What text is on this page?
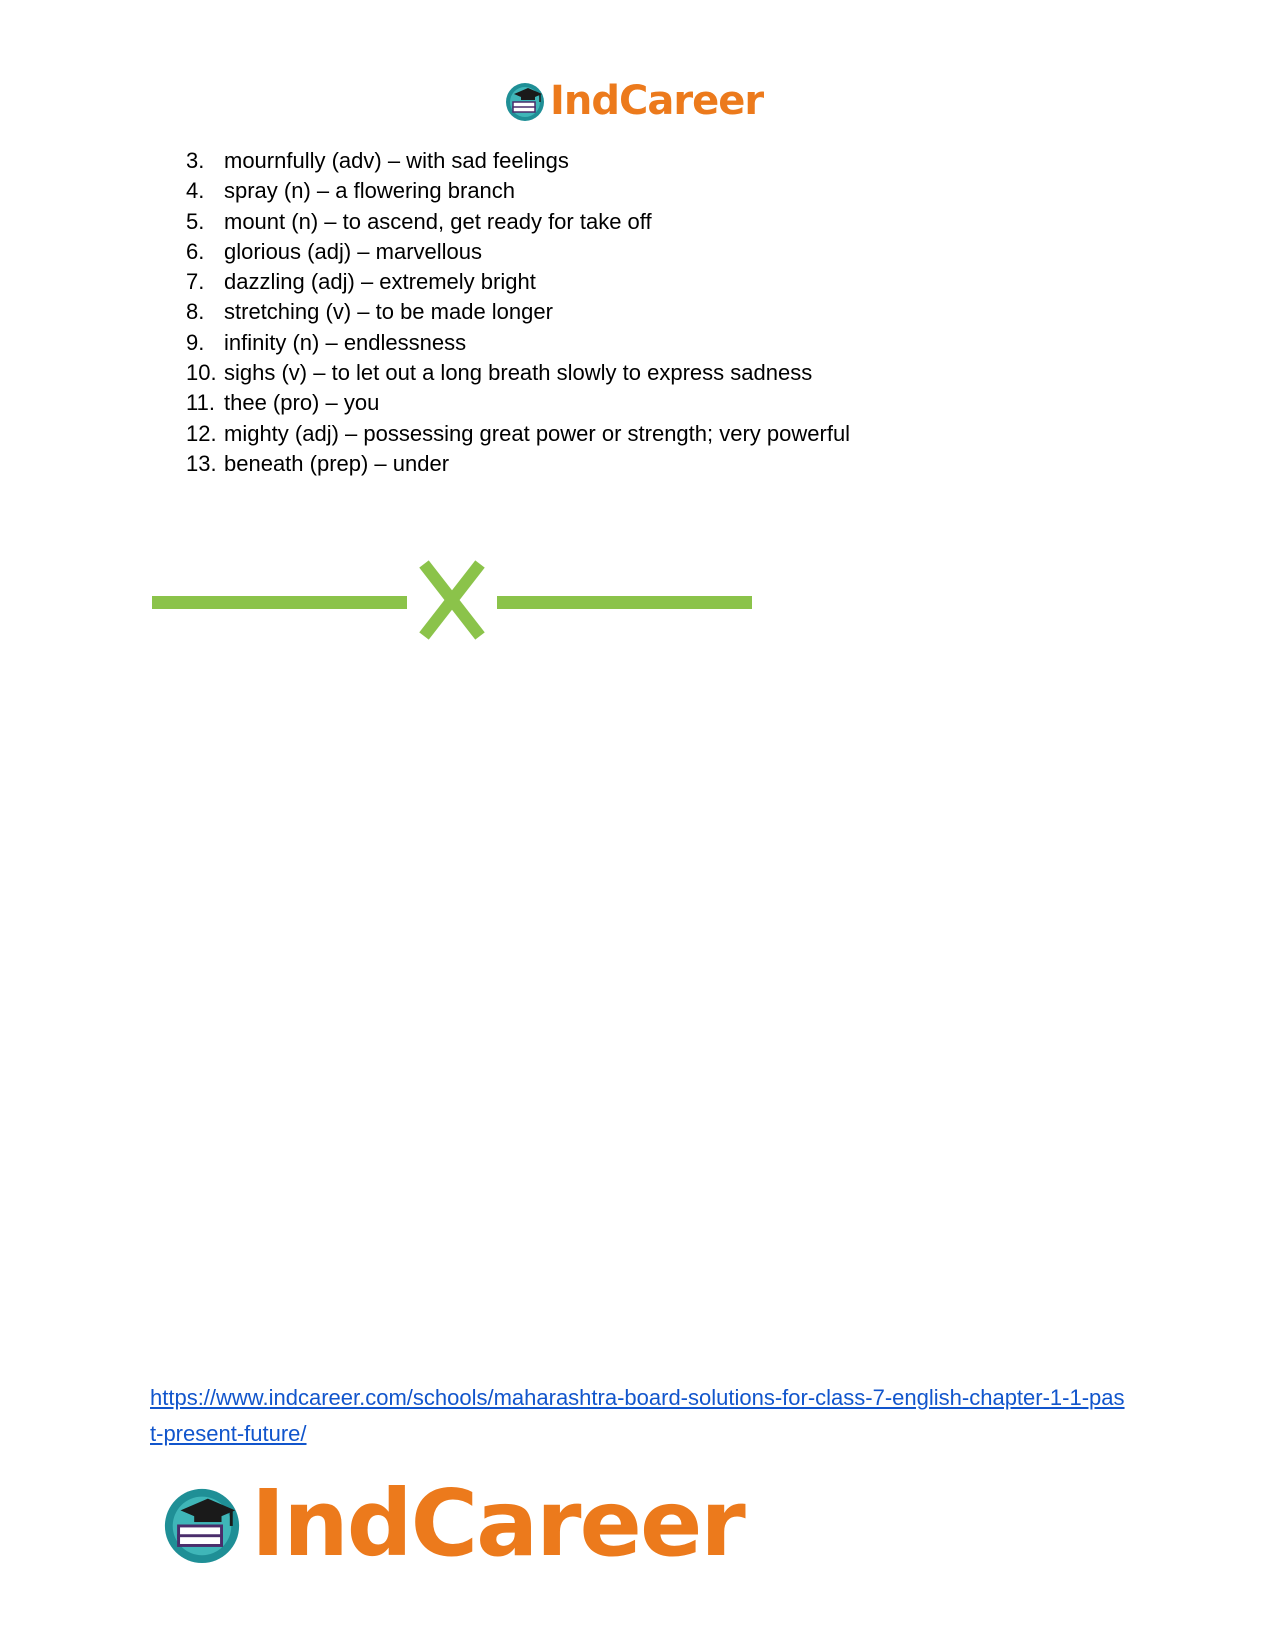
IndCareer
3. mournfully (adv) – with sad feelings
4. spray (n) – a flowering branch
5. mount (n) – to ascend, get ready for take off
6. glorious (adj) – marvellous
7. dazzling (adj) – extremely bright
8. stretching (v) – to be made longer
9. infinity (n) – endlessness
10. sighs (v) – to let out a long breath slowly to express sadness
11. thee (pro) – you
12. mighty (adj) – possessing great power or strength; very powerful
13. beneath (prep) – under
https://www.indcareer.com/schools/maharashtra-board-solutions-for-class-7-english-chapter-1-1-past-present-future/
IndCareer
